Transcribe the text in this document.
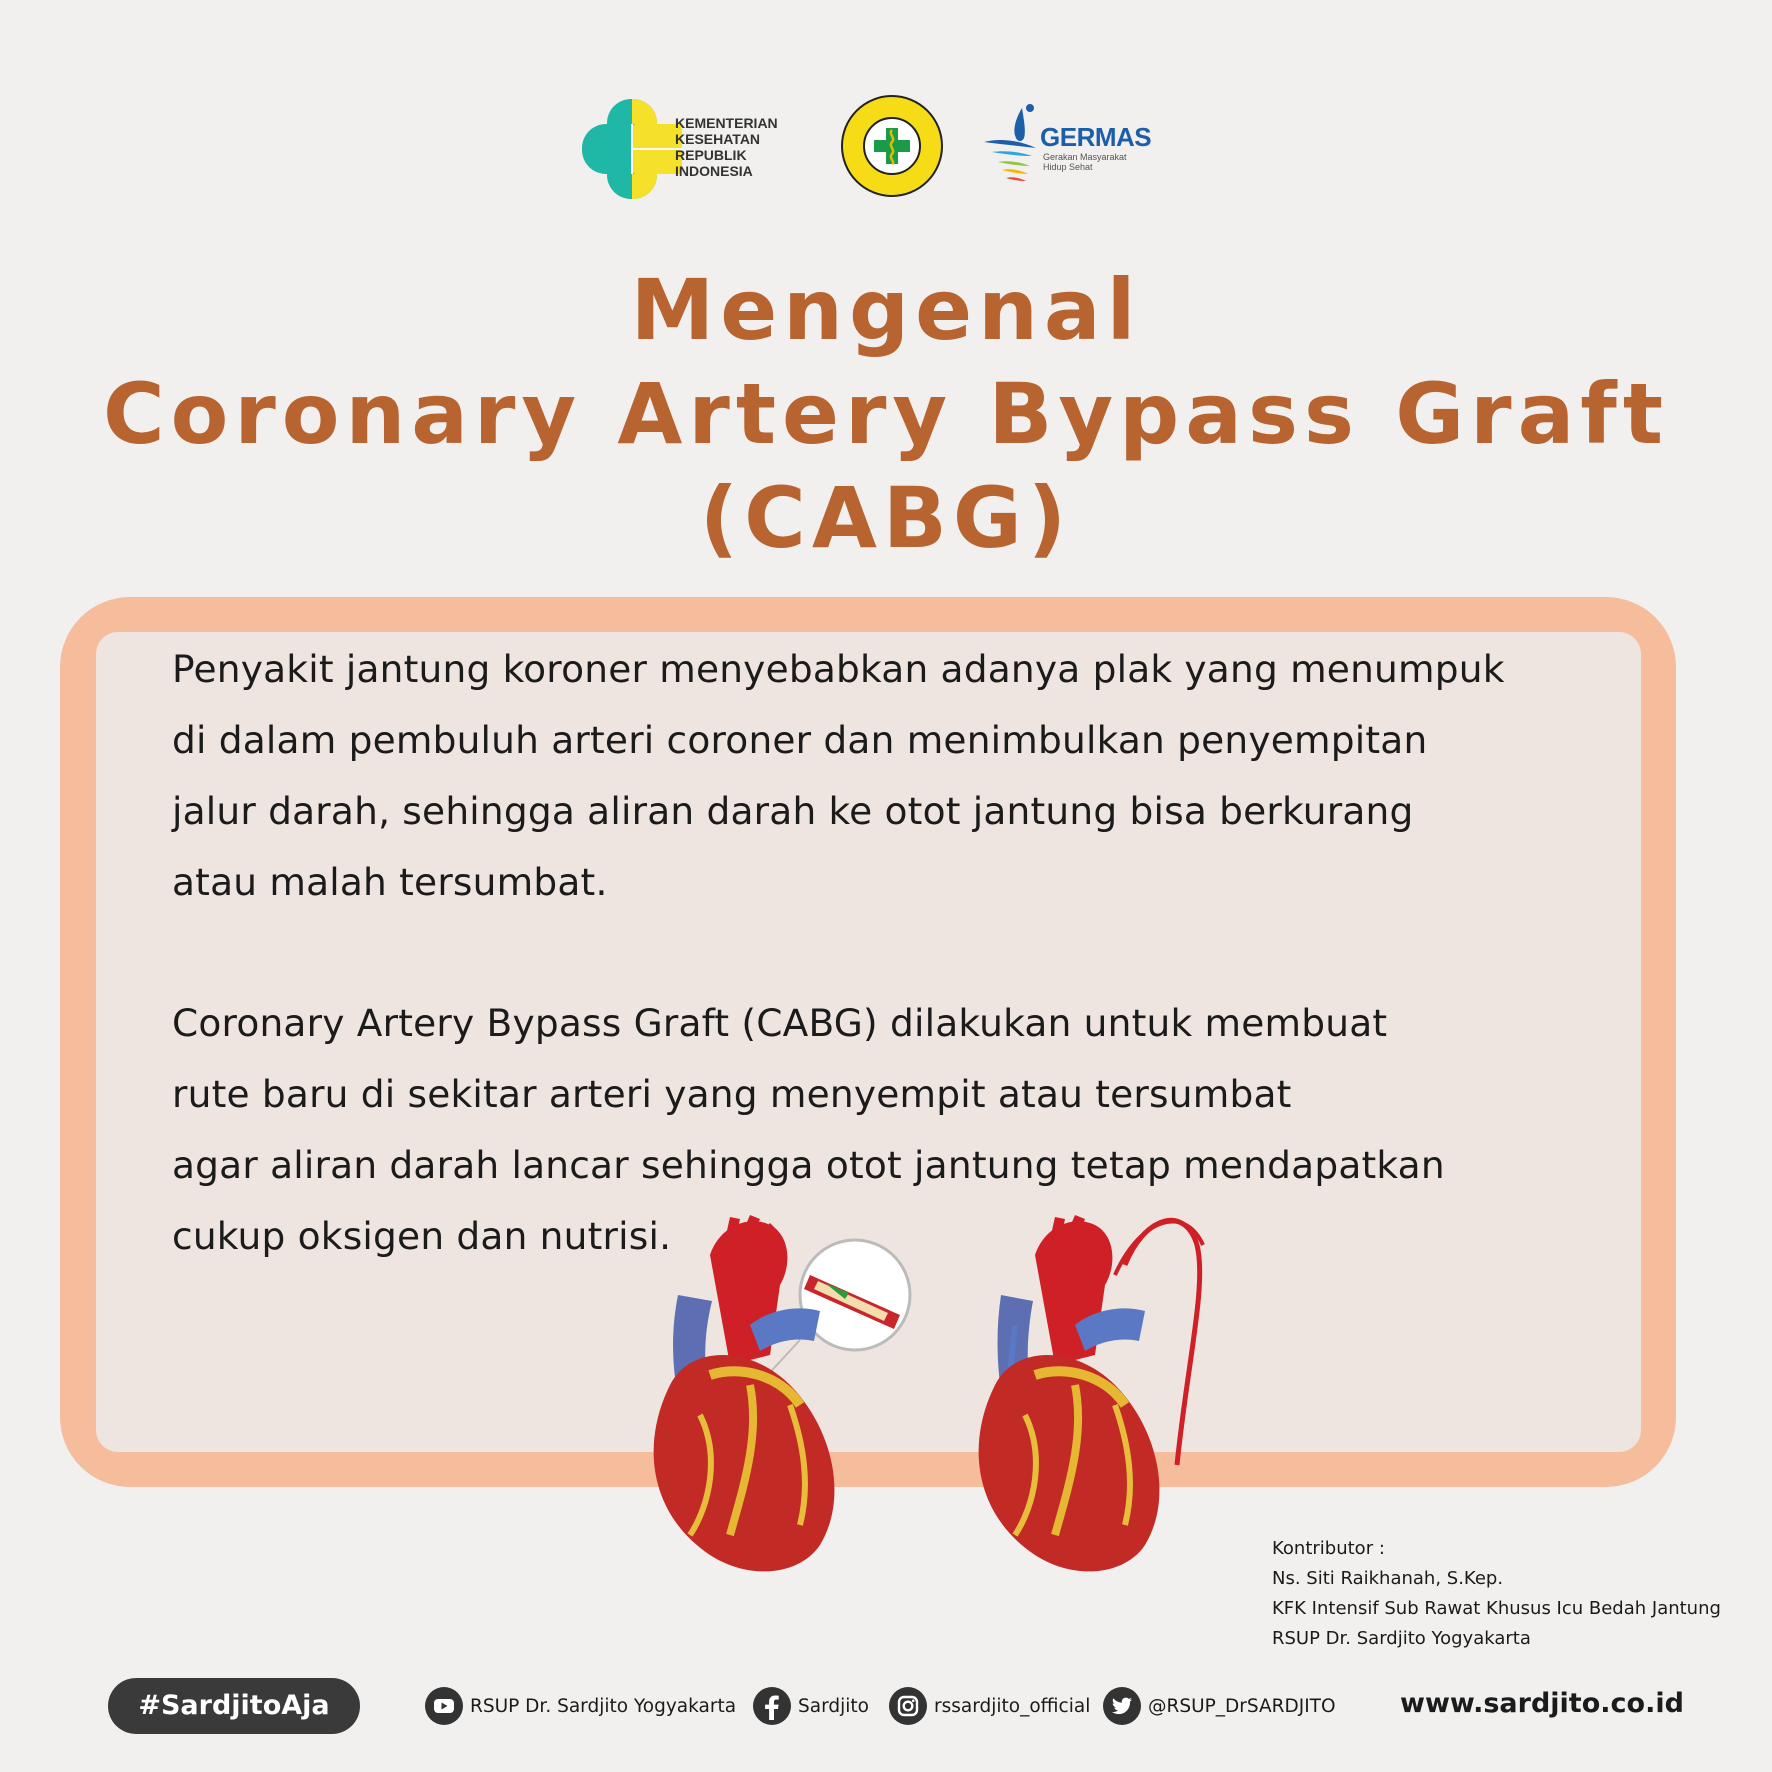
KEMENTERIAN
KESEHATAN
REPUBLIK
INDONESIA
GERMAS
Gerakan Masyarakat
Hidup Sehat
Mengenal
Coronary Artery Bypass Graft
(CABG)
Penyakit jantung koroner menyebabkan adanya plak yang menumpuk
di dalam pembuluh arteri coroner dan menimbulkan penyempitan
jalur darah, sehingga aliran darah ke otot jantung bisa berkurang
atau malah tersumbat.
Coronary Artery Bypass Graft (CABG) dilakukan untuk membuat
rute baru di sekitar arteri yang menyempit atau tersumbat
agar aliran darah lancar sehingga otot jantung tetap mendapatkan
cukup oksigen dan nutrisi.
Kontributor :
Ns. Siti Raikhanah, S.Kep.
KFK Intensif Sub Rawat Khusus Icu Bedah Jantung
RSUP Dr. Sardjito Yogyakarta
#SardjitoAja	RSUP Dr. Sardjito Yogyakarta	Sardjito	rssardjito_official	@RSUP_DrSARDJITO www.sardjito.co.id
